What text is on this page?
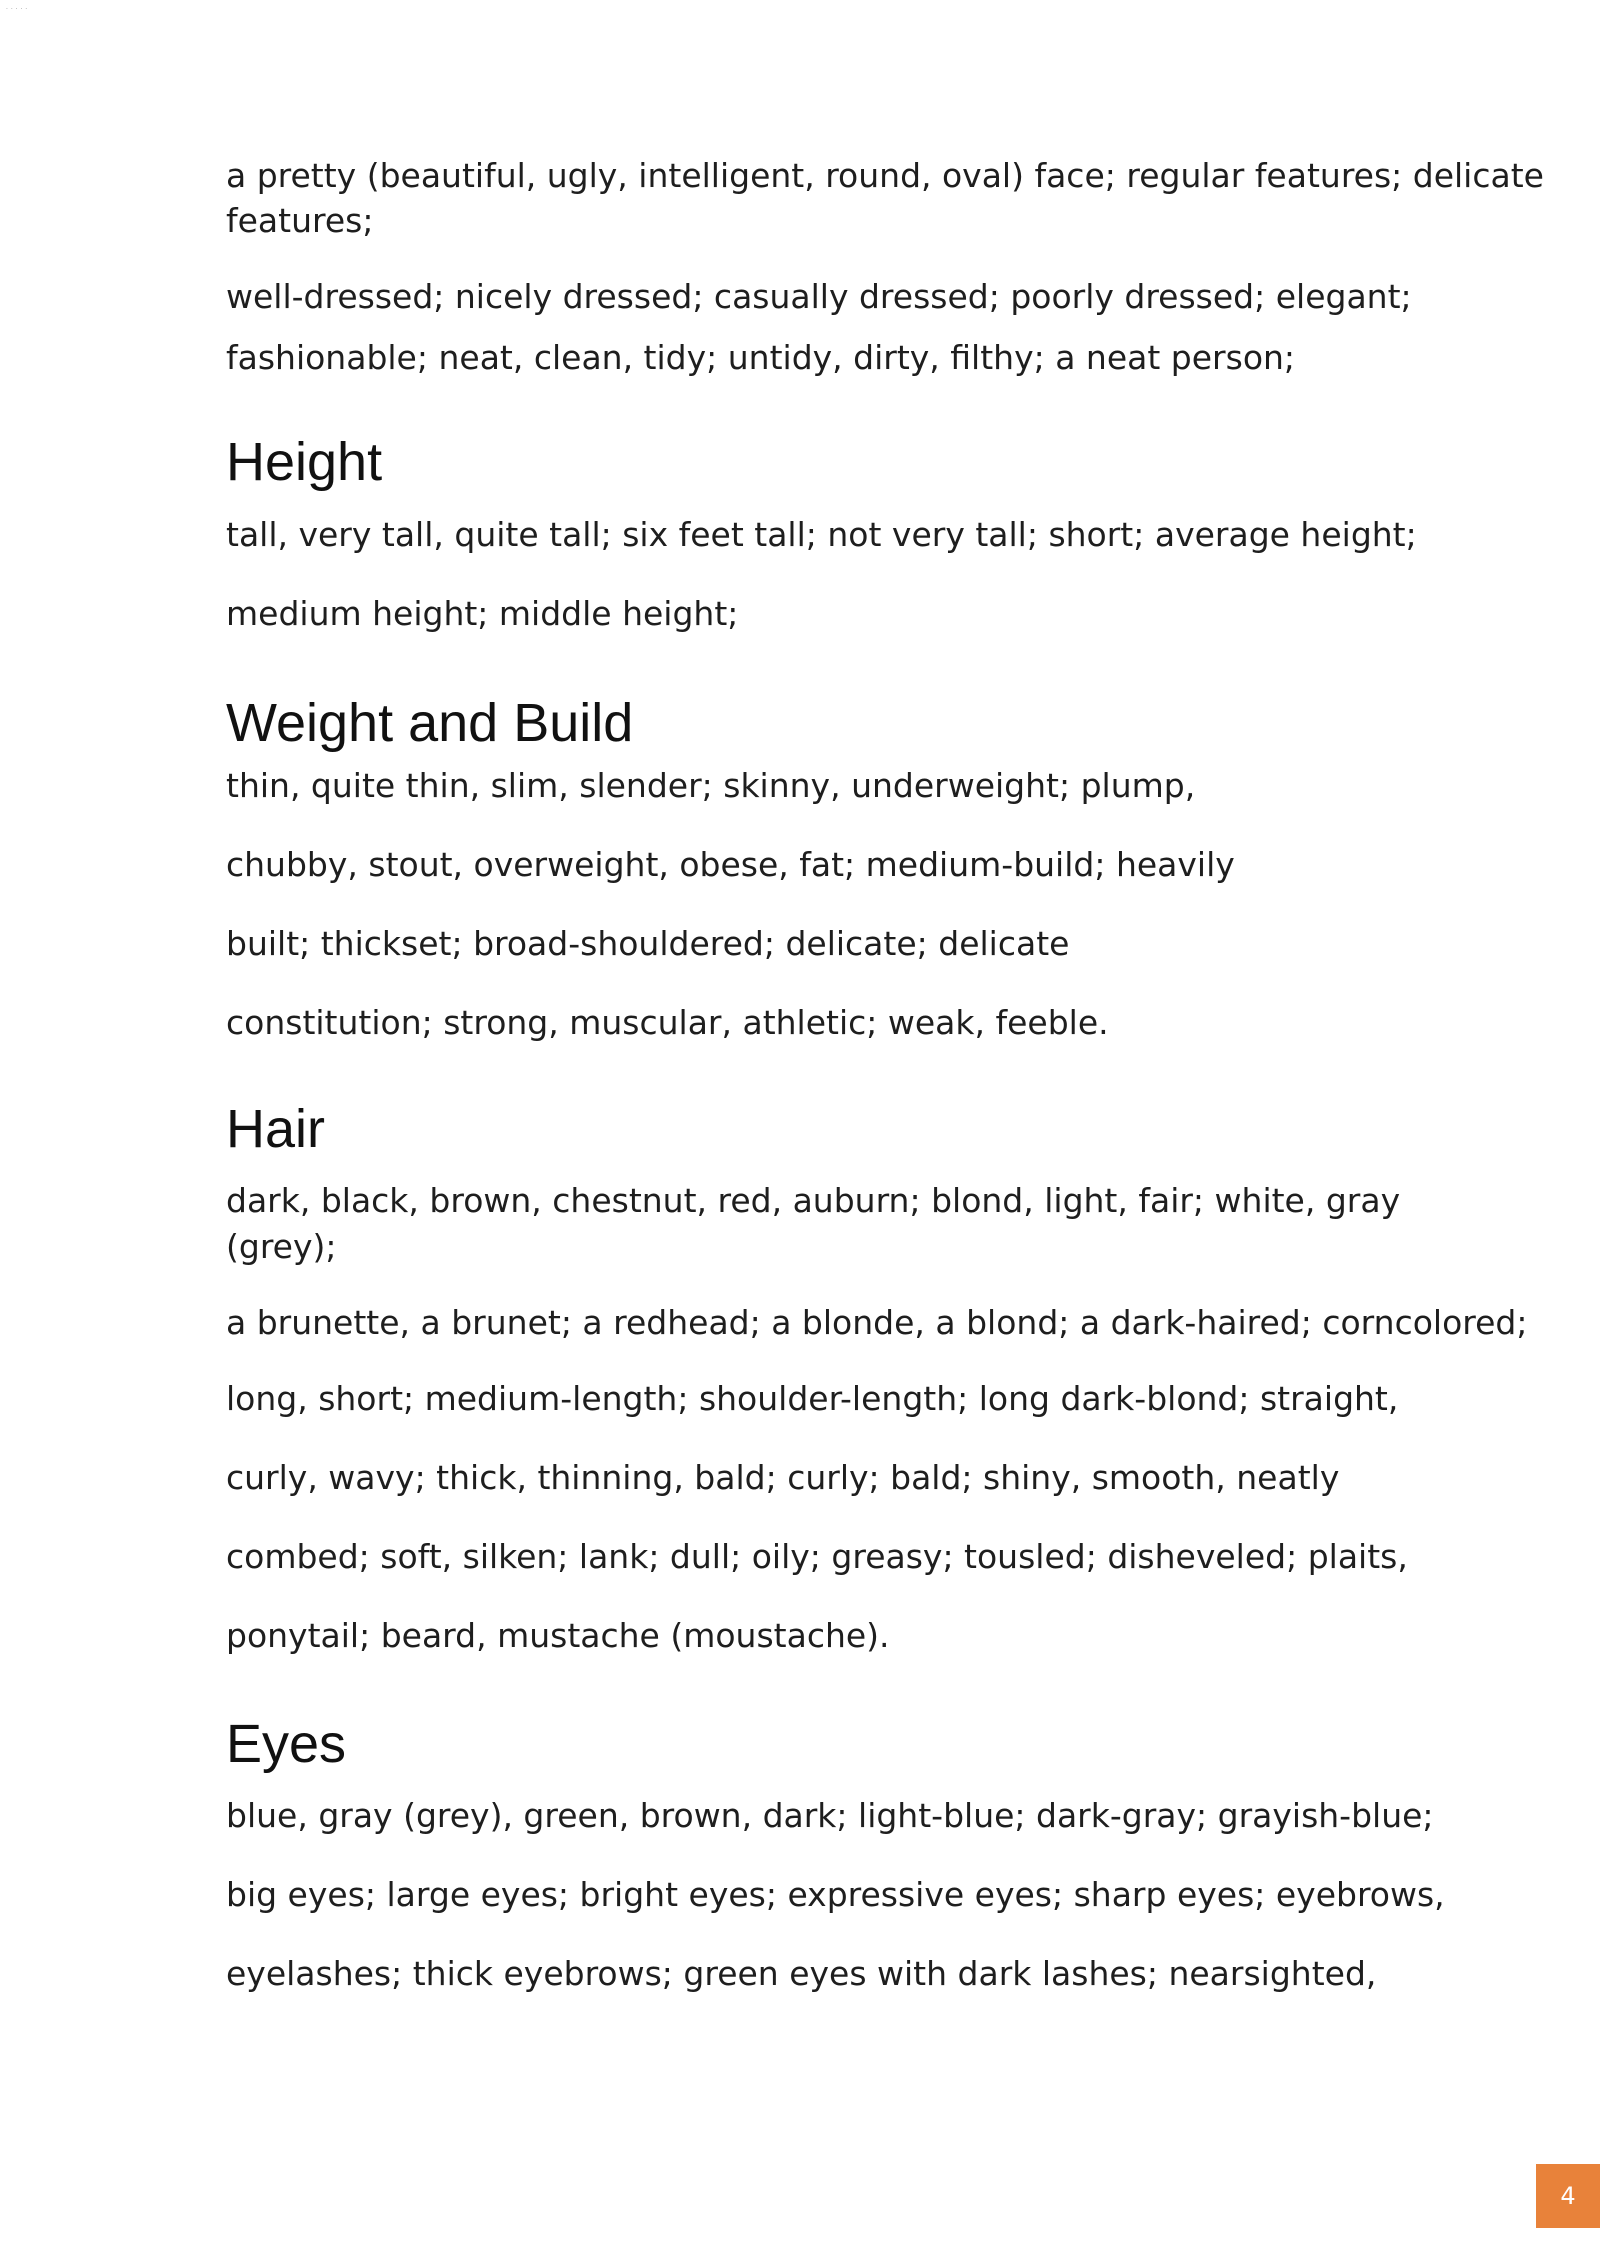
· · · · ·
a pretty (beautiful, ugly, intelligent, round, oval) face; regular features; delicate
features;
well-dressed; nicely dressed; casually dressed; poorly dressed; elegant;
fashionable; neat, clean, tidy; untidy, dirty, filthy; a neat person;
Height
tall, very tall, quite tall; six feet tall; not very tall; short; average height;
medium height; middle height;
Weight and Build
thin, quite thin, slim, slender; skinny, underweight; plump,
chubby, stout, overweight, obese, fat; medium-build; heavily
built; thickset; broad-shouldered; delicate; delicate
constitution; strong, muscular, athletic; weak, feeble.
Hair
dark, black, brown, chestnut, red, auburn; blond, light, fair; white, gray
(grey);
a brunette, a brunet; a redhead; a blonde, a blond; a dark-haired; corncolored;
long, short; medium-length; shoulder-length; long dark-blond; straight,
curly, wavy; thick, thinning, bald; curly; bald; shiny, smooth, neatly
combed; soft, silken; lank; dull; oily; greasy; tousled; disheveled; plaits,
ponytail; beard, mustache (moustache).
Eyes
blue, gray (grey), green, brown, dark; light-blue; dark-gray; grayish-blue;
big eyes; large eyes; bright eyes; expressive eyes; sharp eyes; eyebrows,
eyelashes; thick eyebrows; green eyes with dark lashes; nearsighted,
4
